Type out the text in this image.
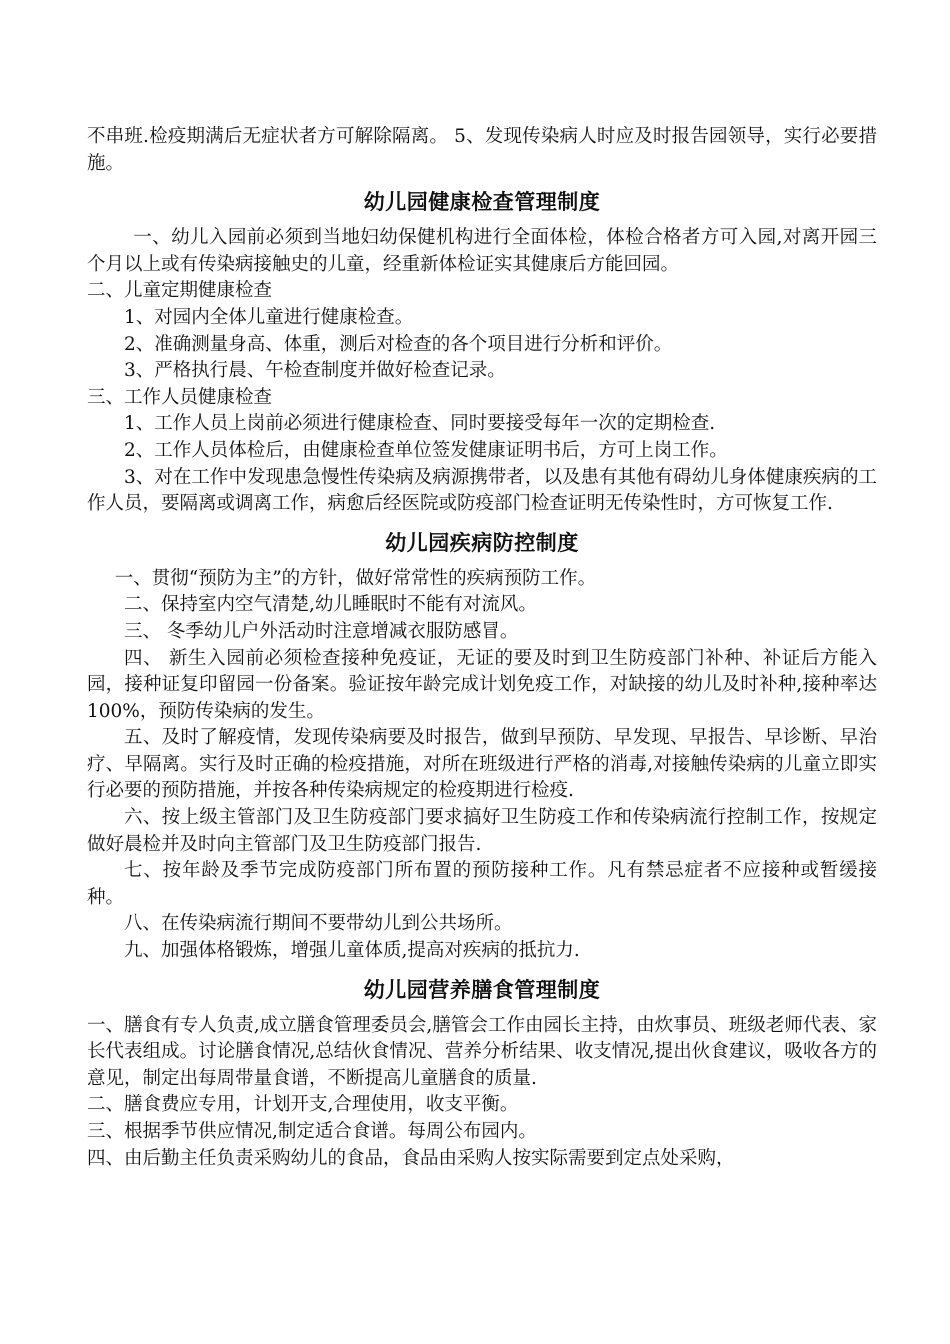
不串班.检疫期满后无症状者方可解除隔离。 5、发现传染病人时应及时报告园领导，实行必要措施。

幼儿园健康检查管理制度

一、幼儿入园前必须到当地妇幼保健机构进行全面体检，体检合格者方可入园,对离开园三个月以上或有传染病接触史的儿童，经重新体检证实其健康后方能回园。

二、儿童定期健康检查

1、对园内全体儿童进行健康检查。

2、准确测量身高、体重，测后对检查的各个项目进行分析和评价。

3、严格执行晨、午检查制度并做好检查记录。

三、工作人员健康检查

1、工作人员上岗前必须进行健康检查、同时要接受每年一次的定期检查.

2、工作人员体检后，由健康检查单位签发健康证明书后，方可上岗工作。

3、对在工作中发现患急慢性传染病及病源携带者，以及患有其他有碍幼儿身体健康疾病的工作人员，要隔离或调离工作，病愈后经医院或防疫部门检查证明无传染性时，方可恢复工作.

幼儿园疾病防控制度

一、贯彻“预防为主”的方针，做好常常性的疾病预防工作。

二、保持室内空气清楚,幼儿睡眠时不能有对流风。

三、 冬季幼儿户外活动时注意增减衣服防感冒。

四、 新生入园前必须检查接种免疫证，无证的要及时到卫生防疫部门补种、补证后方能入园，接种证复印留园一份备案。验证按年龄完成计划免疫工作，对缺接的幼儿及时补种,接种率达100%，预防传染病的发生。

五、及时了解疫情，发现传染病要及时报告，做到早预防、早发现、早报告、早诊断、早治疗、早隔离。实行及时正确的检疫措施，对所在班级进行严格的消毒,对接触传染病的儿童立即实行必要的预防措施，并按各种传染病规定的检疫期进行检疫.

六、按上级主管部门及卫生防疫部门要求搞好卫生防疫工作和传染病流行控制工作，按规定做好晨检并及时向主管部门及卫生防疫部门报告.

七、按年龄及季节完成防疫部门所布置的预防接种工作。凡有禁忌症者不应接种或暂缓接种。

八、在传染病流行期间不要带幼儿到公共场所。

九、加强体格锻炼，增强儿童体质,提高对疾病的抵抗力.

幼儿园营养膳食管理制度

一、膳食有专人负责,成立膳食管理委员会,膳管会工作由园长主持，由炊事员、班级老师代表、家长代表组成。讨论膳食情况,总结伙食情况、营养分析结果、收支情况,提出伙食建议，吸收各方的意见，制定出每周带量食谱，不断提高儿童膳食的质量.

二、膳食费应专用，计划开支,合理使用，收支平衡。

三、根据季节供应情况,制定适合食谱。每周公布园内。

四、由后勤主任负责采购幼儿的食品，食品由采购人按实际需要到定点处采购，
